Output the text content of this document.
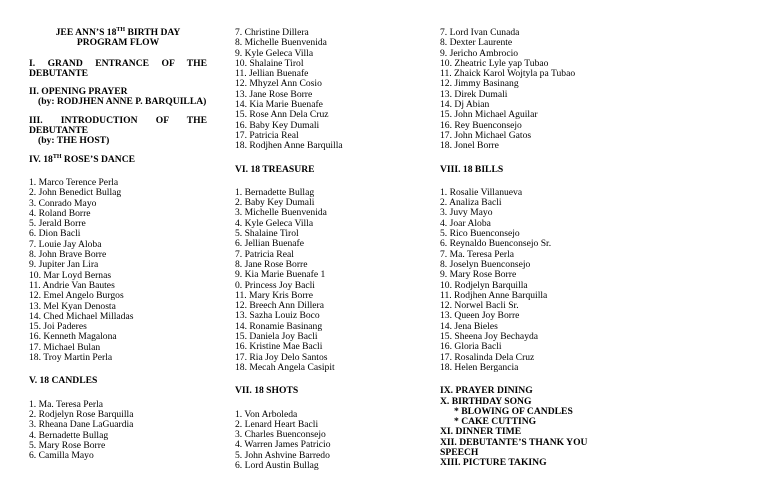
JEE ANN’S 18TH BIRTH DAY
PROGRAM FLOW
I. GRAND ENTRANCE OF THE
DEBUTANTE
II. OPENING PRAYER
(by: RODJHEN ANNE P. BARQUILLA)
III. INTRODUCTION OF THE
DEBUTANTE
(by: THE HOST)
IV. 18TH ROSE’S DANCE
1. Marco Terence Perla
2. John Benedict Bullag
3. Conrado Mayo
4. Roland Borre
5. Jerald Borre
6. Dion Bacli
7. Louie Jay Aloba
8. John Brave Borre
9. Jupiter Jan Lira
10. Mar Loyd Bernas
11. Andrie Van Bautes
12. Emel Angelo Burgos
13. Mel Kyan Denosta
14. Ched Michael Milladas
15. Joi Paderes
16. Kenneth Magalona
17. Michael Bulan
18. Troy Martin Perla
V. 18 CANDLES
1. Ma. Teresa Perla
2. Rodjelyn Rose Barquilla
3. Rheana Dane LaGuardia
4. Bernadette Bullag
5. Mary Rose Borre
6. Camilla Mayo
7. Christine Dillera
8. Michelle Buenvenida
9. Kyle Geleca Villa
10. Shalaine Tirol
11. Jellian Buenafe
12. Mhyzel Ann Cosio
13. Jane Rose Borre
14. Kia Marie Buenafe
15. Rose Ann Dela Cruz
16. Baby Key Dumali
17. Patricia Real
18. Rodjhen Anne Barquilla
VI. 18 TREASURE
1. Bernadette Bullag
2. Baby Key Dumali
3. Michelle Buenvenida
4. Kyle Geleca Villa
5. Shalaine Tirol
6. Jellian Buenafe
7. Patricia Real
8. Jane Rose Borre
9. Kia Marie Buenafe 1
0. Princess Joy Bacli
11. Mary Kris Borre
12. Breech Ann Dillera
13. Sazha Louiz Boco
14. Ronamie Basinang
15. Daniela Joy Bacli
16. Kristine Mae Bacli
17. Ria Joy Delo Santos
18. Mecah Angela Casipit
VII. 18 SHOTS
1. Von Arboleda
2. Lenard Heart Bacli
3. Charles Buenconsejo
4. Warren James Patricio
5. John Ashvine Barredo
6. Lord Austin Bullag
7. Lord Ivan Cunada
8. Dexter Laurente
9. Jericho Ambrocio
10. Zheatric Lyle yap Tubao
11. Zhaick Karol Wojtyla pa Tubao
12. Jimmy Basinang
13. Direk Dumali
14. Dj Abian
15. John Michael Aguilar
16. Rey Buenconsejo
17. John Michael Gatos
18. Jonel Borre
VIII. 18 BILLS
1. Rosalie Villanueva
2. Analiza Bacli
3. Juvy Mayo
4. Joar Aloba
5. Rico Buenconsejo
6. Reynaldo Buenconsejo Sr.
7. Ma. Teresa Perla
8. Joselyn Buenconsejo
9. Mary Rose Borre
10. Rodjelyn Barquilla
11. Rodjhen Anne Barquilla
12. Norwel Bacli Sr.
13. Queen Joy Borre
14. Jena Bieles
15. Sheena Joy Bechayda
16. Gloria Bacli
17. Rosalinda Dela Cruz
18. Helen Bergancia
IX. PRAYER DINING
X. BIRTHDAY SONG
* BLOWING OF CANDLES
* CAKE CUTTING
XI. DINNER TIME
XII. DEBUTANTE’S THANK YOU
SPEECH
XIII. PICTURE TAKING
